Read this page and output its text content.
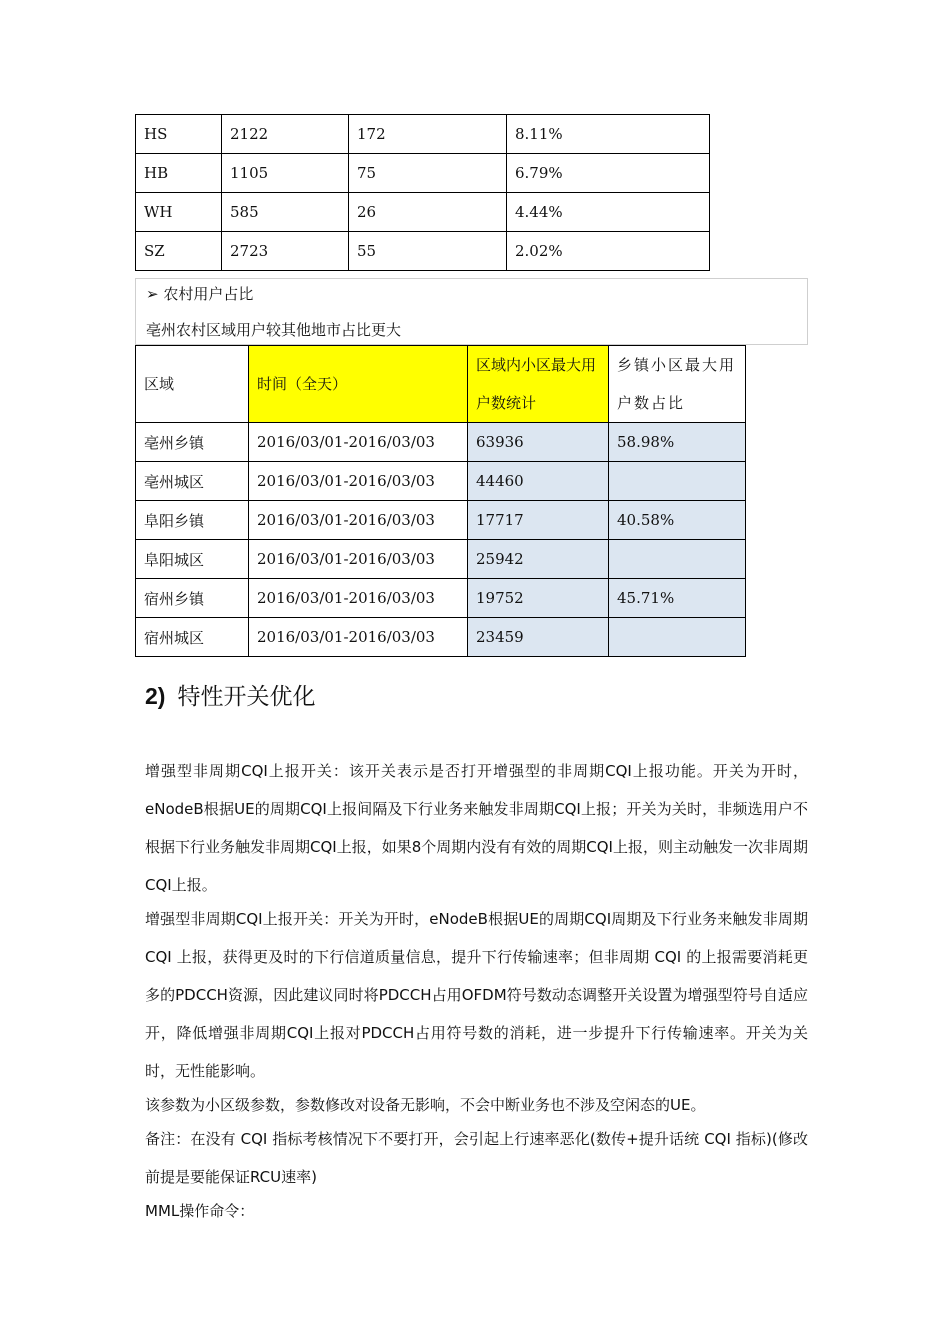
HS	2122	172	8.11%
HB	1105	75	6.79%
WH	585	26	4.44%
SZ	2723	55	2.02%
➢ 农村用户占比
亳州农村区域用户较其他地市占比更大
区域	时间（全天）	区域内小区最大用户数统计	乡镇小区最大用户数占比
亳州乡镇	2016/03/01-2016/03/03	63936	58.98%
亳州城区	2016/03/01-2016/03/03	44460	
阜阳乡镇	2016/03/01-2016/03/03	17717	40.58%
阜阳城区	2016/03/01-2016/03/03	25942	
宿州乡镇	2016/03/01-2016/03/03	19752	45.71%
宿州城区	2016/03/01-2016/03/03	23459	
2) 特性开关优化

增强型非周期CQI上报开关：该开关表示是否打开增强型的非周期CQI上报功能。开关为开时，eNodeB根据UE的周期CQI上报间隔及下行业务来触发非周期CQI上报；开关为关时，非频选用户不根据下行业务触发非周期CQI上报，如果8个周期内没有有效的周期CQI上报，则主动触发一次非周期CQI上报。

增强型非周期CQI上报开关：开关为开时，eNodeB根据UE的周期CQI周期及下行业务来触发非周期 CQI 上报，获得更及时的下行信道质量信息，提升下行传输速率；但非周期 CQI 的上报需要消耗更多的PDCCH资源，因此建议同时将PDCCH占用OFDM符号数动态调整开关设置为增强型符号自适应开，降低增强非周期CQI上报对PDCCH占用符号数的消耗，进一步提升下行传输速率。开关为关时，无性能影响。

该参数为小区级参数，参数修改对设备无影响，不会中断业务也不涉及空闲态的UE。

备注：在没有 CQI 指标考核情况下不要打开，会引起上行速率恶化(数传+提升话统 CQI 指标)(修改前提是要能保证RCU速率)

MML操作命令：
